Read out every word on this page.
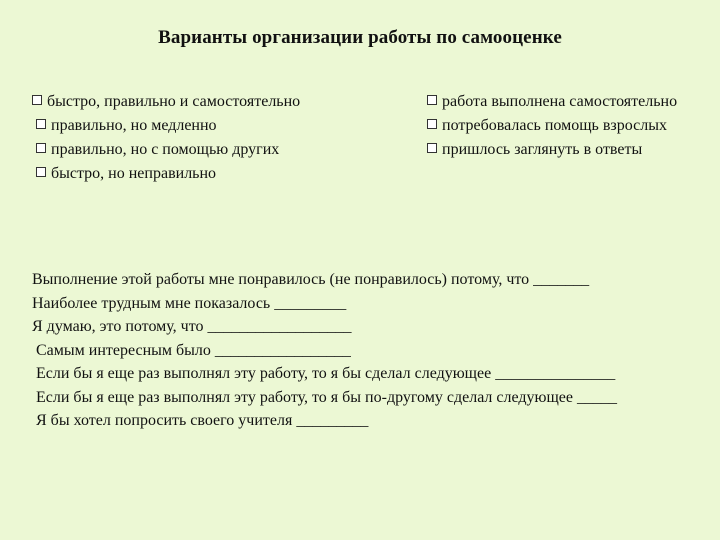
Варианты организации работы по самооценке

быстро, правильно и самостоятельно

правильно, но медленно

правильно, но с помощью других

быстро, но неправильно

работа выполнена самостоятельно

потребовалась помощь взрослых

пришлось заглянуть в ответы

Выполнение этой работы мне понравилось (не понравилось) потому, что _______

Наиболее трудным мне показалось _________

Я думаю, это потому, что __________________

Самым интересным было _________________

Если бы я еще раз выполнял эту работу, то я бы сделал следующее _______________

Если бы я еще раз выполнял эту работу, то я бы по-другому сделал следующее _____

Я бы хотел попросить своего учителя _________
